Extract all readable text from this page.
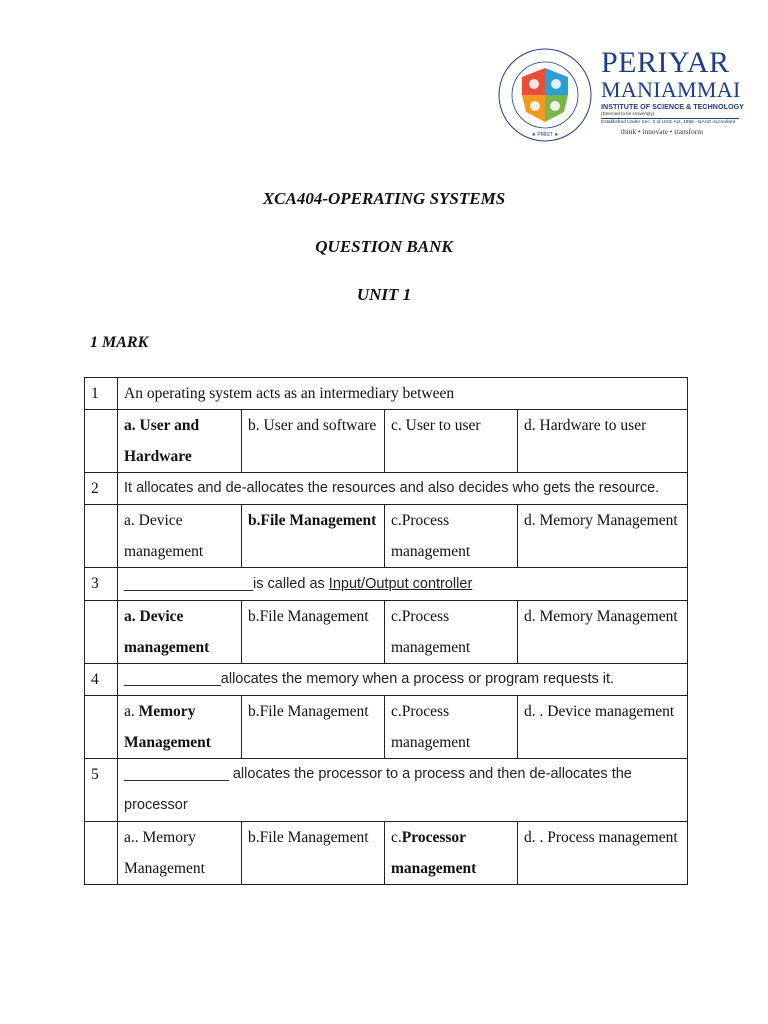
★ PMIST ★
PERIYAR
MANIAMMAI
INSTITUTE OF SCIENCE & TECHNOLOGY
(Deemed to be University)
Established Under Sec. 3 of UGC Act, 1956 - NAAC Accredited
think • innovate • transform
XCA404-OPERATING SYSTEMS
QUESTION BANK
UNIT 1
1 MARK
1	An operating system acts as an intermediary between			
	a. User and Hardware	b. User and software	c. User to user	d. Hardware to user
2	It allocates and de-allocates the resources and also decides who gets the resource.			
	a. Device management	b.File Management	c.Process management	d. Memory Management
3	________________is called as Input/Output controller			
	a. Device management	b.File Management	c.Process management	d. Memory Management
4	____________allocates the memory when a process or program requests it.			
	a. Memory Management	b.File Management	c.Process management	d. . Device management
5	_____________ allocates the processor to a process and then de-allocates the processor			
	a.. Memory Management	b.File Management	c.Processor management	d. . Process management
